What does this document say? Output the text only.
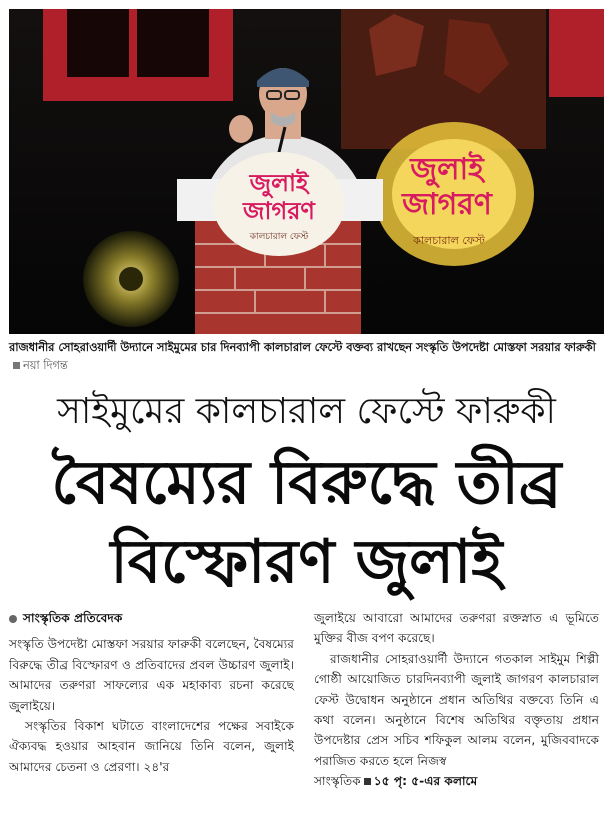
জুলাই
জাগরণ
কালচারাল ফেস্ট
জুলাই
জাগরণ
কালচারাল ফেস্ট
রাজধানীর সোহরাওয়ার্দী উদ্যানে সাইমুমের চার দিনব্যাপী কালচারাল ফেস্টে বক্তব্য রাখছেন সংস্কৃতি উপদেষ্টা মোস্তফা সরয়ার ফারুকীনয়া দিগন্ত
সাইমুমের কালচারাল ফেস্টে ফারুকী
বৈষম্যের বিরুদ্ধে তীব্র
বিস্ফোরণ জুলাই

সাংস্কৃতিক প্রতিবেদক

সংস্কৃতি উপদেষ্টা মোস্তফা সরয়ার ফারুকী বলেছেন, বৈষম্যের বিরুদ্ধে তীব্র বিস্ফোরণ ও প্রতিবাদের প্রবল উচ্চারণ জুলাই। আমাদের তরুণরা সাফল্যের এক মহাকাব্য রচনা করেছে জুলাইয়ে।

সংস্কৃতির বিকাশ ঘটাতে বাংলাদেশের পক্ষের সবাইকে ঐক্যবদ্ধ হওয়ার আহবান জানিয়ে তিনি বলেন, জুলাই আমাদের চেতনা ও প্রেরণা। ২৪'র

জুলাইয়ে আবারো আমাদের তরুণরা রক্তস্নাত এ ভূমিতে মুক্তির বীজ বপণ করেছে।

রাজধানীর সোহরাওয়ার্দী উদ্যানে গতকাল সাইমুম শিল্পী গোষ্ঠী আয়োজিত চারদিনব্যাপী জুলাই জাগরণ কালচারাল ফেস্ট উদ্বোধন অনুষ্ঠানে প্রধান অতিথির বক্তব্যে তিনি এ কথা বলেন। অনুষ্ঠানে বিশেষ অতিথির বক্তৃতায় প্রধান উপদেষ্টার প্রেস সচিব শফিকুল আলম বলেন, মুজিববাদকে পরাজিত করতে হলে নিজস্ব

সাংস্কৃতিক ১৫ পৃ: ৫-এর কলামে
